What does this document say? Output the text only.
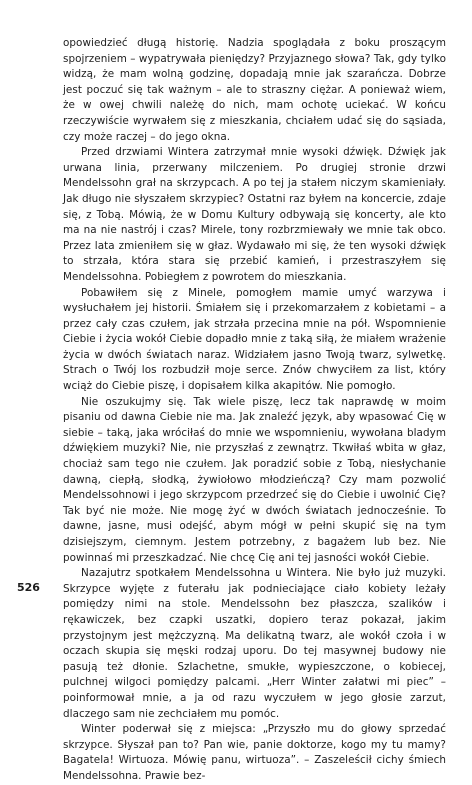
opowiedzieć długą historię. Nadzia spoglądała z boku proszącym spojrzeniem – wypatrywała pieniędzy? Przyjaznego słowa? Tak, gdy tylko widzą, że mam wolną godzinę, dopadają mnie jak szarańcza. Dobrze jest poczuć się tak ważnym – ale to straszny ciężar. A ponieważ wiem, że w owej chwili należę do nich, mam ochotę uciekać. W końcu rzeczywiście wyrwałem się z mieszkania, chciałem udać się do sąsiada, czy może raczej – do jego okna.

Przed drzwiami Wintera zatrzymał mnie wysoki dźwięk. Dźwięk jak urwana linia, przerwany milczeniem. Po drugiej stronie drzwi Mendelssohn grał na skrzypcach. A po tej ja stałem niczym skamieniały. Jak długo nie słyszałem skrzypiec? Ostatni raz byłem na koncercie, zdaje się, z Tobą. Mówią, że w Domu Kultury odbywają się koncerty, ale kto ma na nie nastrój i czas? Mirele, tony rozbrzmiewały we mnie tak obco. Przez lata zmieniłem się w głaz. Wydawało mi się, że ten wysoki dźwięk to strzała, która stara się przebić kamień, i przestraszyłem się Mendelssohna. Pobiegłem z powrotem do mieszkania.

Pobawiłem się z Minele, pomogłem mamie umyć warzywa i wysłuchałem jej historii. Śmiałem się i przekomarzałem z kobietami – a przez cały czas czułem, jak strzała przecina mnie na pół. Wspomnienie Ciebie i życia wokół Ciebie dopadło mnie z taką siłą, że miałem wrażenie życia w dwóch światach naraz. Widziałem jasno Twoją twarz, sylwetkę. Strach o Twój los rozbudził moje serce. Znów chwyciłem za list, który wciąż do Ciebie piszę, i dopisałem kilka akapitów. Nie pomogło.

Nie oszukujmy się. Tak wiele piszę, lecz tak naprawdę w moim pisaniu od dawna Ciebie nie ma. Jak znaleźć język, aby wpasować Cię w siebie – taką, jaka wróciłaś do mnie we wspomnieniu, wywołana bladym dźwiękiem muzyki? Nie, nie przyszłaś z zewnątrz. Tkwiłaś wbita w głaz, chociaż sam tego nie czułem. Jak poradzić sobie z Tobą, niesłychanie dawną, ciepłą, słodką, żywiołowo młodzieńczą? Czy mam pozwolić Mendelssohnowi i jego skrzypcom przedrzeć się do Ciebie i uwolnić Cię? Tak być nie może. Nie mogę żyć w dwóch światach jednocześnie. To dawne, jasne, musi odejść, abym mógł w pełni skupić się na tym dzisiejszym, ciemnym. Jestem potrzebny, z bagażem lub bez. Nie powinnaś mi przeszkadzać. Nie chcę Cię ani tej jasności wokół Ciebie.

Nazajutrz spotkałem Mendelssohna u Wintera. Nie było już muzyki. Skrzypce wyjęte z futerału jak podnieciające ciało kobiety leżały pomiędzy nimi na stole. Mendelssohn bez płaszcza, szalików i rękawiczek, bez czapki uszatki, dopiero teraz pokazał, jakim przystojnym jest mężczyzną. Ma delikatną twarz, ale wokół czoła i w oczach skupia się męski rodzaj uporu. Do tej masywnej budowy nie pasują też dłonie. Szlachetne, smukłe, wypieszczone, o kobiecej, pulchnej wilgoci pomiędzy palcami. „Herr Winter załatwi mi piec” – poinformował mnie, a ja od razu wyczułem w jego głosie zarzut, dlaczego sam nie zechciałem mu pomóc.

Winter poderwał się z miejsca: „Przyszło mu do głowy sprzedać skrzypce. Słyszał pan to? Pan wie, panie doktorze, kogo my tu mamy? Bagatela! Wirtuoza. Mówię panu, wirtuoza”. – Zaszeleścił cichy śmiech Mendelssohna. Prawie bez-

526
